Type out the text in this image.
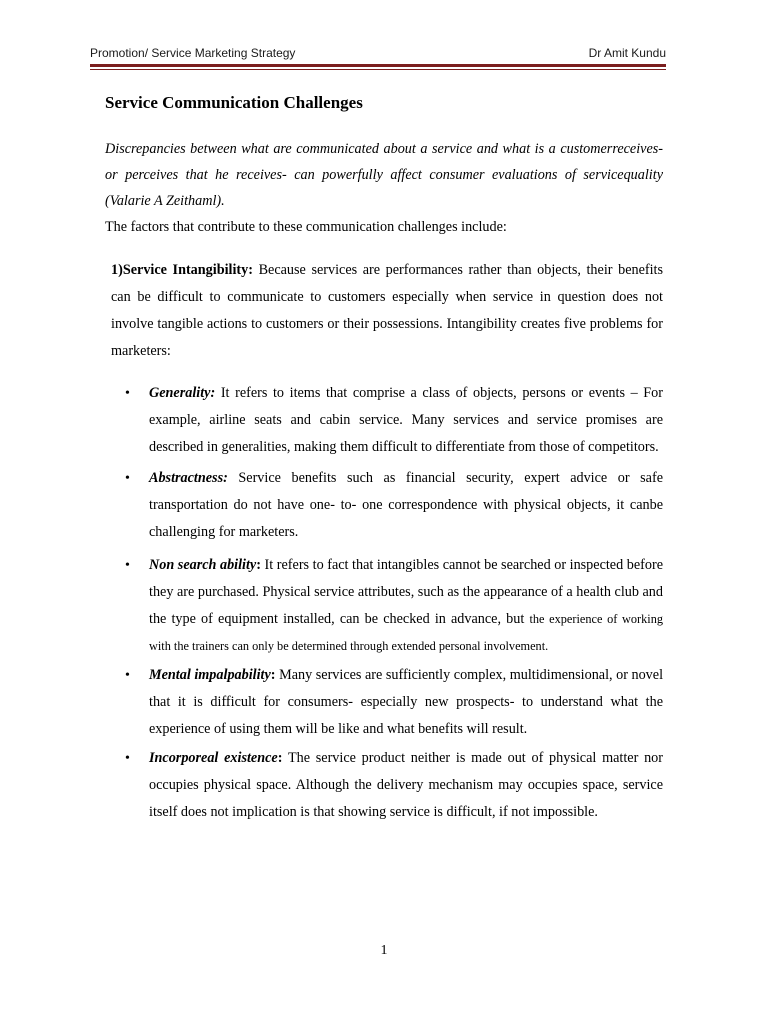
Promotion/ Service Marketing Strategy	Dr Amit Kundu
Service Communication Challenges

Discrepancies between what are communicated about a service and what is a customerreceives- or perceives that he receives- can powerfully affect consumer evaluations of servicequality (Valarie A Zeithaml).

The factors that contribute to these communication challenges include:

1)Service Intangibility: Because services are performances rather than objects, their benefits can be difficult to communicate to customers especially when service in question does not involve tangible actions to customers or their possessions. Intangibility creates five problems for marketers:

• Generality: It refers to items that comprise a class of objects, persons or events – For example, airline seats and cabin service. Many services and service promises are described in generalities, making them difficult to differentiate from those of competitors.
• Abstractness: Service benefits such as financial security, expert advice or safe transportation do not have one- to- one correspondence with physical objects, it canbe challenging for marketers.
• Non search ability: It refers to fact that intangibles cannot be searched or inspected before they are purchased. Physical service attributes, such as the appearance of a health club and the type of equipment installed, can be checked in advance, but the experience of working with the trainers can only be determined through extended personal involvement.
• Mental impalpability: Many services are sufficiently complex, multidimensional, or novel that it is difficult for consumers- especially new prospects- to understand what the experience of using them will be like and what benefits will result.
• Incorporeal existence: The service product neither is made out of physical matter nor occupies physical space. Although the delivery mechanism may occupies space, service itself does not implication is that showing service is difficult, if not impossible.
1
